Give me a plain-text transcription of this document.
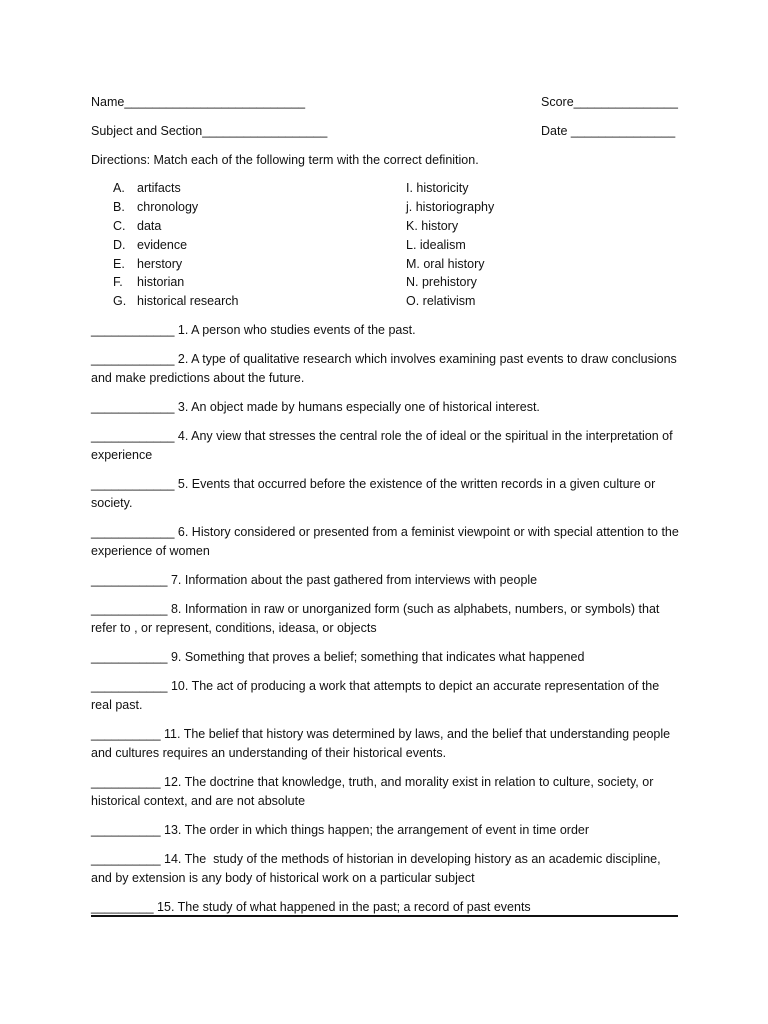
Name__________________________	Score_______________
Subject and Section__________________	Date _______________
Directions: Match each of the following term with the correct definition.
A. artifacts
B. chronology
C. data
D. evidence
E. herstory
F. historian
G. historical research
I. historicity
j. historiography
K. history
L. idealism
M. oral history
N. prehistory
O. relativism
____________ 1. A person who studies events of the past.
____________ 2. A type of qualitative research which involves examining past events to draw conclusions and make predictions about the future.
____________ 3. An object made by humans especially one of historical interest.
____________ 4. Any view that stresses the central role the of ideal or the spiritual in the interpretation of experience
____________ 5. Events that occurred before the existence of the written records in a given culture or society.
____________ 6. History considered or presented from a feminist viewpoint or with special attention to the experience of women
___________ 7. Information about the past gathered from interviews with people
___________ 8. Information in raw or unorganized form (such as alphabets, numbers, or symbols) that refer to , or represent, conditions, ideasa, or objects
___________ 9. Something that proves a belief; something that indicates what happened
___________ 10. The act of producing a work that attempts to depict an accurate representation of the real past.
__________ 11. The belief that history was determined by laws, and the belief that understanding people and cultures requires an understanding of their historical events.
__________ 12. The doctrine that knowledge, truth, and morality exist in relation to culture, society, or historical context, and are not absolute
__________ 13. The order in which things happen; the arrangement of event in time order
__________ 14. The  study of the methods of historian in developing history as an academic discipline, and by extension is any body of historical work on a particular subject
_________ 15. The study of what happened in the past; a record of past events
